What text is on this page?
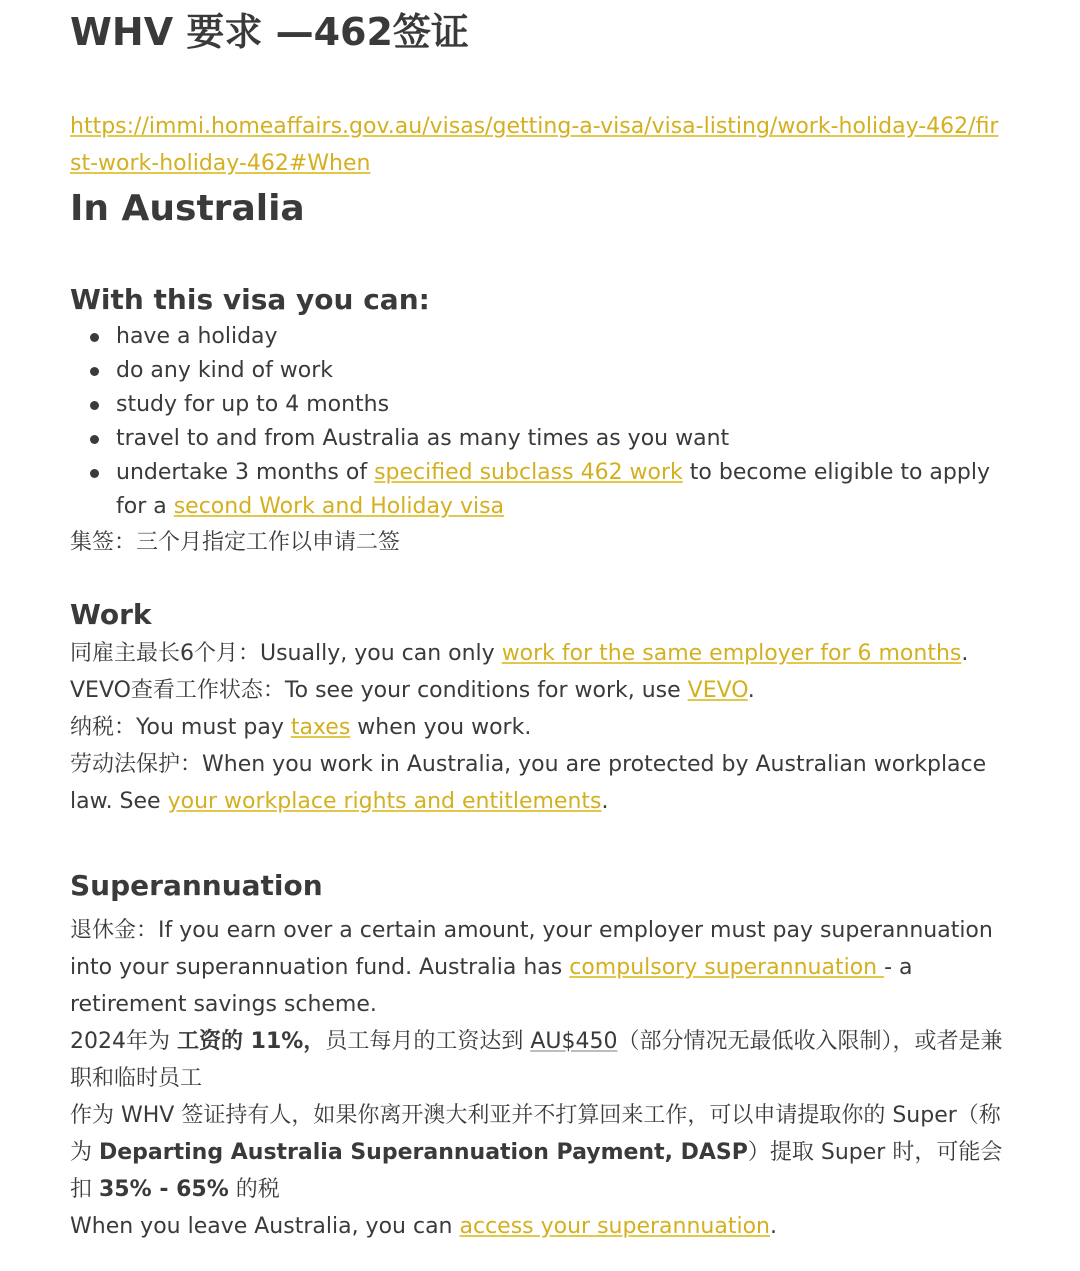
WHV 要求 —462签证
https://immi.homeaffairs.gov.au/visas/getting-a-visa/visa-listing/work-holiday-462/first-work-holiday-462#When
In Australia
With this visa you can:
have a holiday
do any kind of work
study for up to 4 months
travel to and from Australia as many times as you want
undertake 3 months of specified subclass 462 work to become eligible to apply for a second Work and Holiday visa

集签：三个月指定工作以申请二签

Work

同雇主最长6个月：Usually, you can only work for the same employer for 6 months.

VEVO查看工作状态：To see your conditions for work, use VEVO.

纳税：You must pay taxes when you work.

劳动法保护：When you work in Australia, you are protected by Australian workplace law. See your workplace rights and entitlements.

Superannuation

退休金：If you earn over a certain amount, your employer must pay superannuation into your superannuation fund. Australia has compulsory superannuation - a retirement savings scheme.

2024年为 工资的 11%，员工每月的工资达到 AU$450（部分情况无最低收入限制），或者是兼职和临时员工

作为 WHV 签证持有人，如果你离开澳大利亚并不打算回来工作，可以申请提取你的 Super（称为 Departing Australia Superannuation Payment, DASP）提取 Super 时，可能会扣 35% - 65% 的税

When you leave Australia, you can access your superannuation.
